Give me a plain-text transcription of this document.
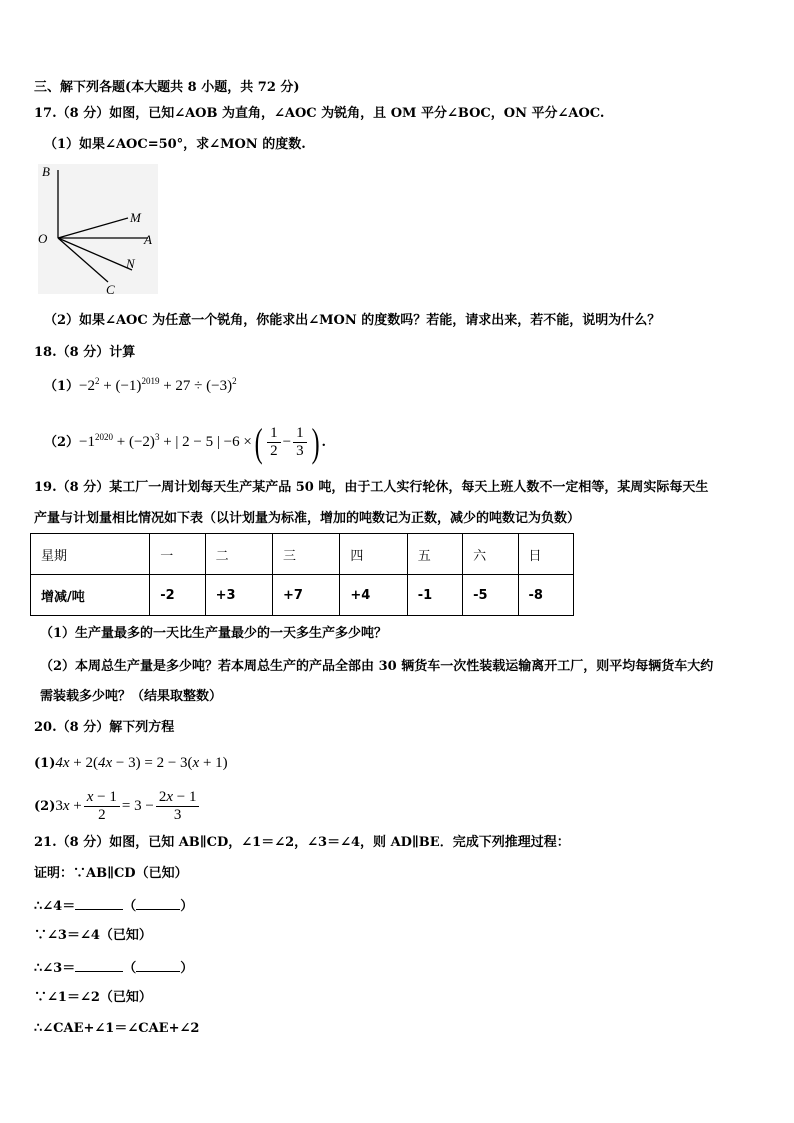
三、解下列各题(本大题共 8 小题，共 72 分)
17.（8 分）如图，已知∠AOB 为直角，∠AOC 为锐角，且 OM 平分∠BOC，ON 平分∠AOC.
（1）如果∠AOC=50°，求∠MON 的度数.
B
M
O	A
N
C
（2）如果∠AOC 为任意一个锐角，你能求出∠MON 的度数吗？若能，请求出来，若不能，说明为什么？
18.（8 分）计算
$(1)-2^2 + (-1)^{2019} + 27 \div (-3)^2$
$(2)-1^{2020} + (-2)^3$ + | 2 − 5 | −6 ×( $\frac{1}{2} - \frac{1}{3}$ ) .
19.（8 分）某工厂一周计划每天生产某产品 50 吨，由于工人实行轮休，每天上班人数不一定相等，某周实际每天生
产量与计划量相比情况如下表（以计划量为标准，增加的吨数记为正数，减少的吨数记为负数）
星期	一	二	三	四	五	六	日
增减/吨	-2	+3	+7	+4	-1	-5	-8
（1）生产量最多的一天比生产量最少的一天多生产多少吨？
（2）本周总生产量是多少吨？若本周总生产的产品全部由 30 辆货车一次性装载运输离开工厂，则平均每辆货车大约
需装载多少吨？（结果取整数）
20.（8 分）解下列方程
(1)4x + 2(4x − 3) = 2 − 3(x + 1)
$(2)3x + \frac{x - 1}{2} = 3 - \frac{2x - 1}{3}$
21.（8 分）如图，已知 AB∥CD，∠1＝∠2，∠3＝∠4，则 AD∥BE．完成下列推理过程：
证明：∵AB∥CD（已知）
∴∠4＝	（	）
∵∠3＝∠4（已知）
∴∠3＝	（	）
∵∠1＝∠2（已知）
∴∠CAE+∠1＝∠CAE+∠2
